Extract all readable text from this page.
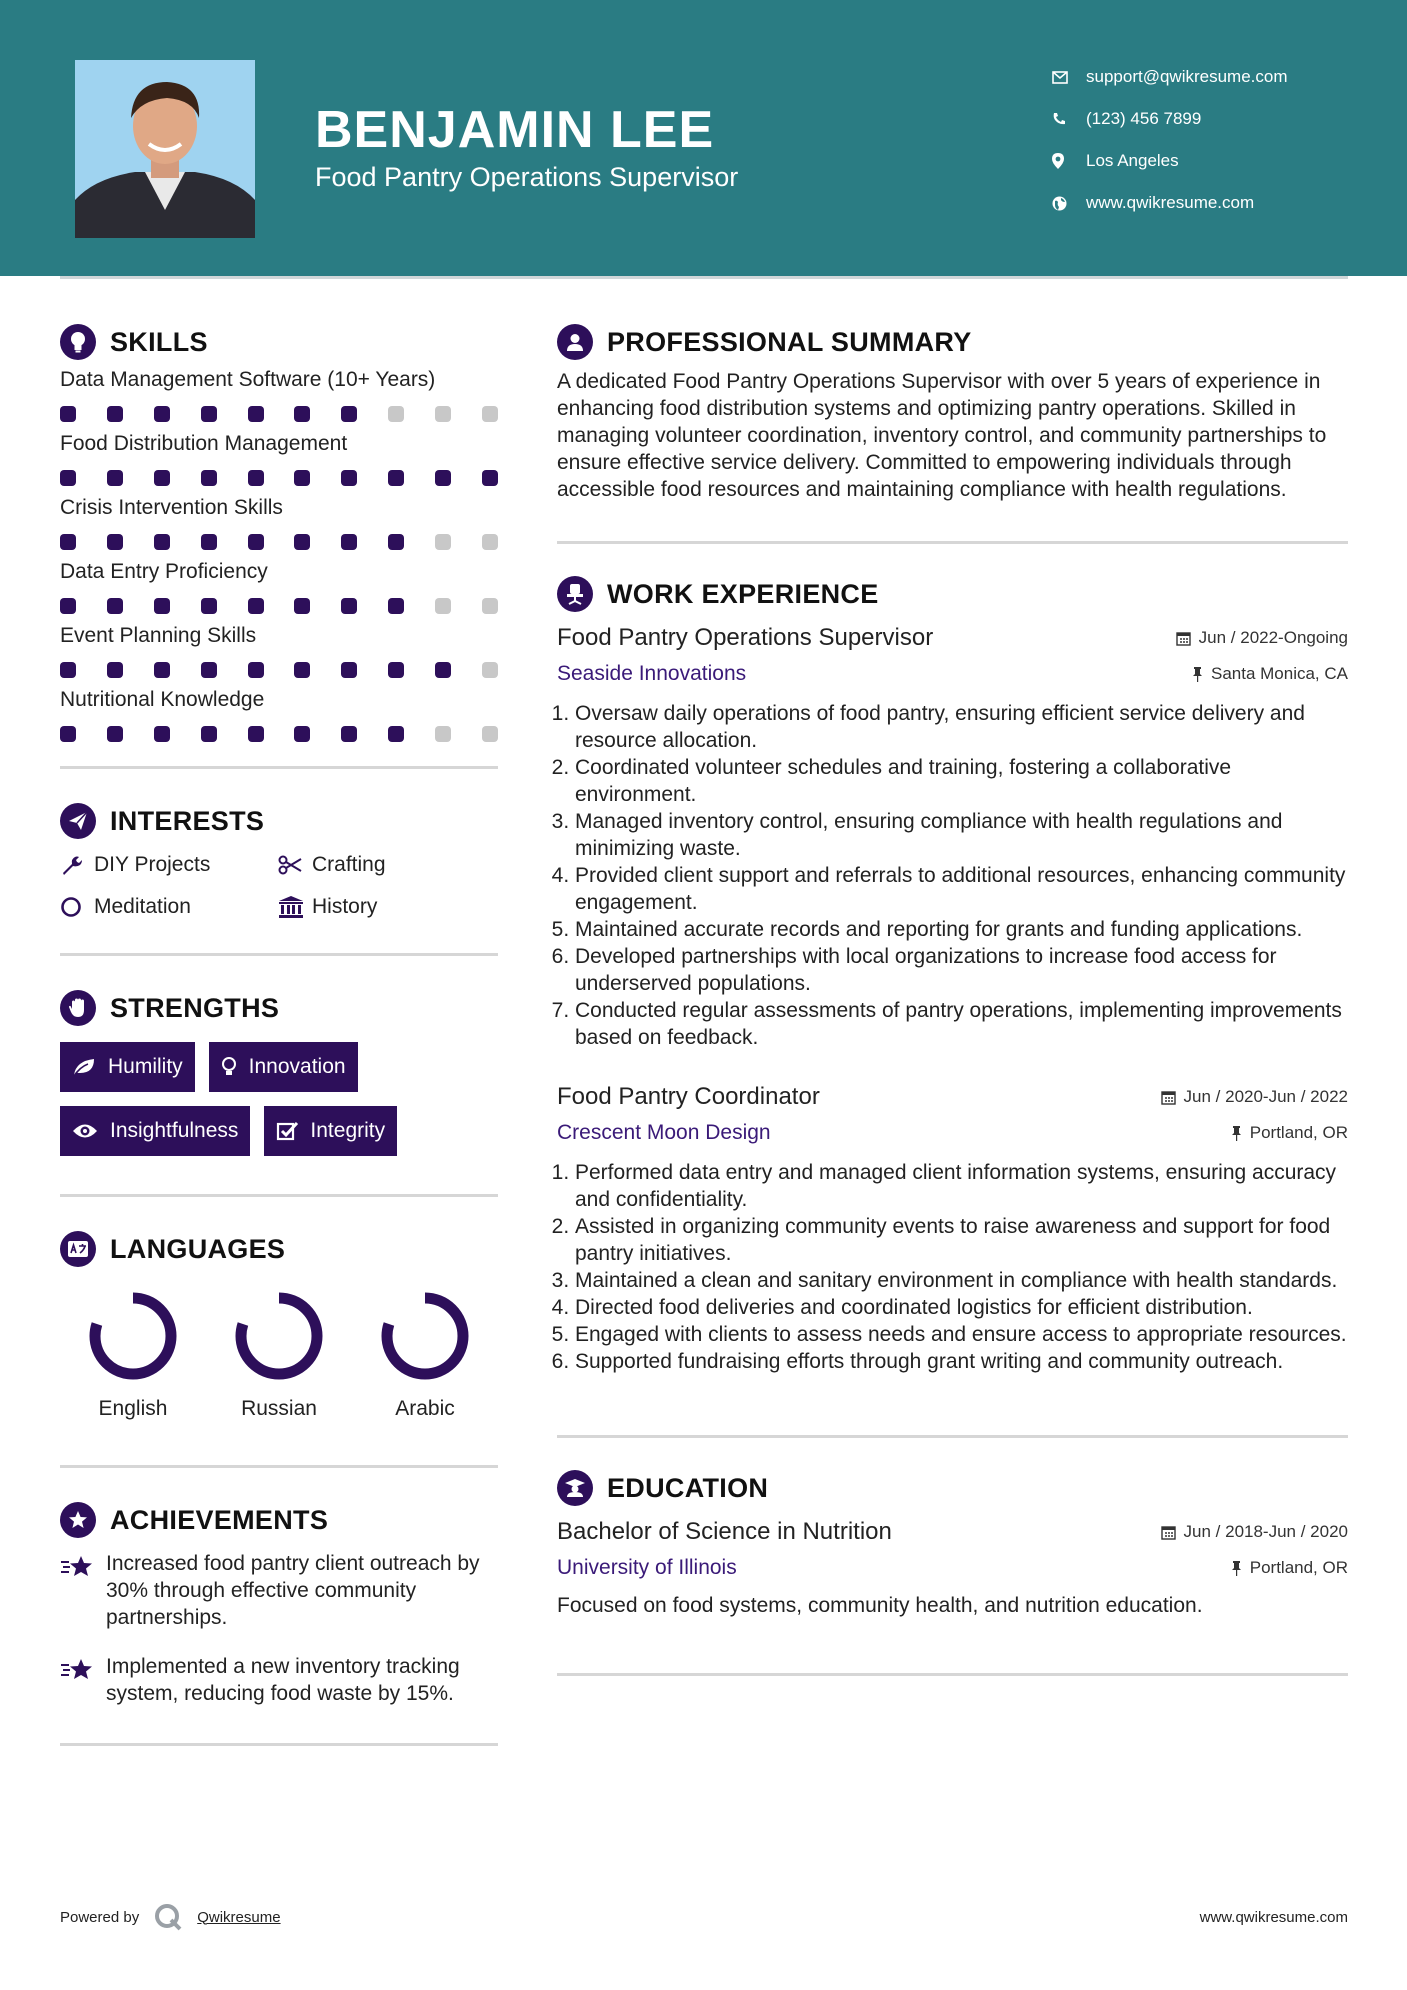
BENJAMIN LEE
Food Pantry Operations Supervisor
support@qwikresume.com
(123) 456 7899
Los Angeles
www.qwikresume.com
SKILLS
Data Management Software (10+ Years)
Food Distribution Management
Crisis Intervention Skills
Data Entry Proficiency
Event Planning Skills
Nutritional Knowledge
INTERESTS
DIY Projects	Crafting
Meditation	History
STRENGTHS
Humility	Innovation
Insightfulness	Integrity
LANGUAGES
English	Russian	Arabic
ACHIEVEMENTS
Increased food pantry client outreach by 30% through effective community partnerships.
Implemented a new inventory tracking system, reducing food waste by 15%.
PROFESSIONAL SUMMARY
A dedicated Food Pantry Operations Supervisor with over 5 years of experience in enhancing food distribution systems and optimizing pantry operations. Skilled in managing volunteer coordination, inventory control, and community partnerships to ensure effective service delivery. Committed to empowering individuals through accessible food resources and maintaining compliance with health regulations.
WORK EXPERIENCE
Food Pantry Operations Supervisor	Jun / 2022-Ongoing
Seaside Innovations	Santa Monica, CA
1. Oversaw daily operations of food pantry, ensuring efficient service delivery and resource allocation.
2. Coordinated volunteer schedules and training, fostering a collaborative environment.
3. Managed inventory control, ensuring compliance with health regulations and minimizing waste.
4. Provided client support and referrals to additional resources, enhancing community engagement.
5. Maintained accurate records and reporting for grants and funding applications.
6. Developed partnerships with local organizations to increase food access for underserved populations.
7. Conducted regular assessments of pantry operations, implementing improvements based on feedback.
Food Pantry Coordinator	Jun / 2020-Jun / 2022
Crescent Moon Design	Portland, OR
1. Performed data entry and managed client information systems, ensuring accuracy and confidentiality.
2. Assisted in organizing community events to raise awareness and support for food pantry initiatives.
3. Maintained a clean and sanitary environment in compliance with health standards.
4. Directed food deliveries and coordinated logistics for efficient distribution.
5. Engaged with clients to assess needs and ensure access to appropriate resources.
6. Supported fundraising efforts through grant writing and community outreach.
EDUCATION
Bachelor of Science in Nutrition	Jun / 2018-Jun / 2020
University of Illinois	Portland, OR
Focused on food systems, community health, and nutrition education.
Powered by	Qwikresume	www.qwikresume.com
